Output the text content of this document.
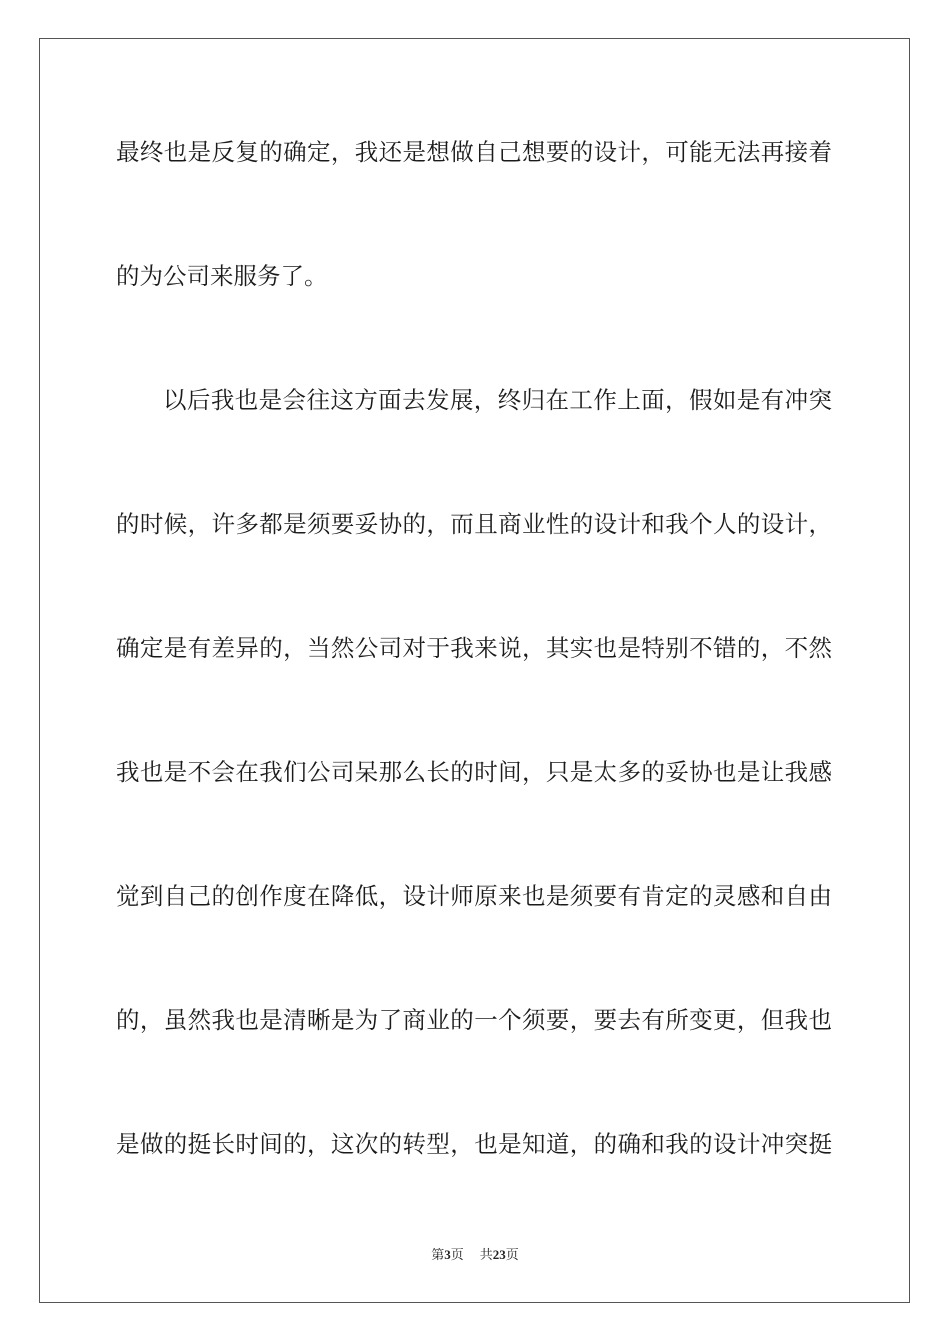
最终也是反复的确定，我还是想做自己想要的设计，可能无法再接着
的为公司来服务了。
以后我也是会往这方面去发展，终归在工作上面，假如是有冲突
的时候，许多都是须要妥协的，而且商业性的设计和我个人的设计，
确定是有差异的，当然公司对于我来说，其实也是特别不错的，不然
我也是不会在我们公司呆那么长的时间，只是太多的妥协也是让我感
觉到自己的创作度在降低，设计师原来也是须要有肯定的灵感和自由
的，虽然我也是清晰是为了商业的一个须要，要去有所变更，但我也
是做的挺长时间的，这次的转型，也是知道，的确和我的设计冲突挺
第3页 共23页
